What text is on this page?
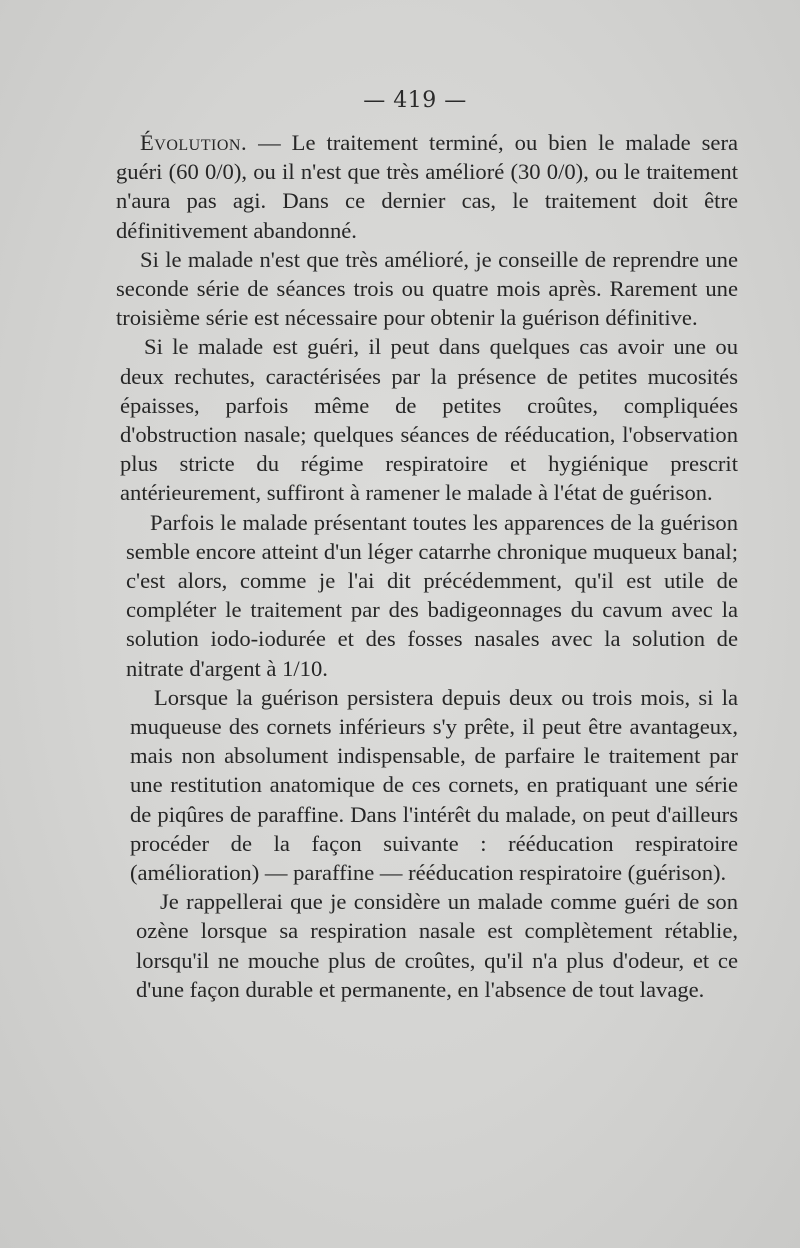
— 419 —

Évolution. — Le traitement terminé, ou bien le malade sera guéri (60 0/0), ou il n'est que très amélioré (30 0/0), ou le traitement n'aura pas agi. Dans ce dernier cas, le traitement doit être définitivement abandonné.

Si le malade n'est que très amélioré, je conseille de reprendre une seconde série de séances trois ou quatre mois après. Rarement une troisième série est nécessaire pour obtenir la guérison définitive.

Si le malade est guéri, il peut dans quelques cas avoir une ou deux rechutes, caractérisées par la présence de petites mucosités épaisses, parfois même de petites croûtes, compliquées d'obstruction nasale; quelques séances de rééducation, l'observation plus stricte du régime respiratoire et hygiénique prescrit antérieurement, suffiront à ramener le malade à l'état de guérison.

Parfois le malade présentant toutes les apparences de la guérison semble encore atteint d'un léger catarrhe chronique muqueux banal; c'est alors, comme je l'ai dit précédemment, qu'il est utile de compléter le traitement par des badigeonnages du cavum avec la solution iodo-iodurée et des fosses nasales avec la solution de nitrate d'argent à 1/10.

Lorsque la guérison persistera depuis deux ou trois mois, si la muqueuse des cornets inférieurs s'y prête, il peut être avantageux, mais non absolument indispensable, de parfaire le traitement par une restitution anatomique de ces cornets, en pratiquant une série de piqûres de paraffine. Dans l'intérêt du malade, on peut d'ailleurs procéder de la façon suivante : rééducation respiratoire (amélioration) — paraffine — rééducation respiratoire (guérison).

Je rappellerai que je considère un malade comme guéri de son ozène lorsque sa respiration nasale est complètement rétablie, lorsqu'il ne mouche plus de croûtes, qu'il n'a plus d'odeur, et ce d'une façon durable et permanente, en l'absence de tout lavage.
